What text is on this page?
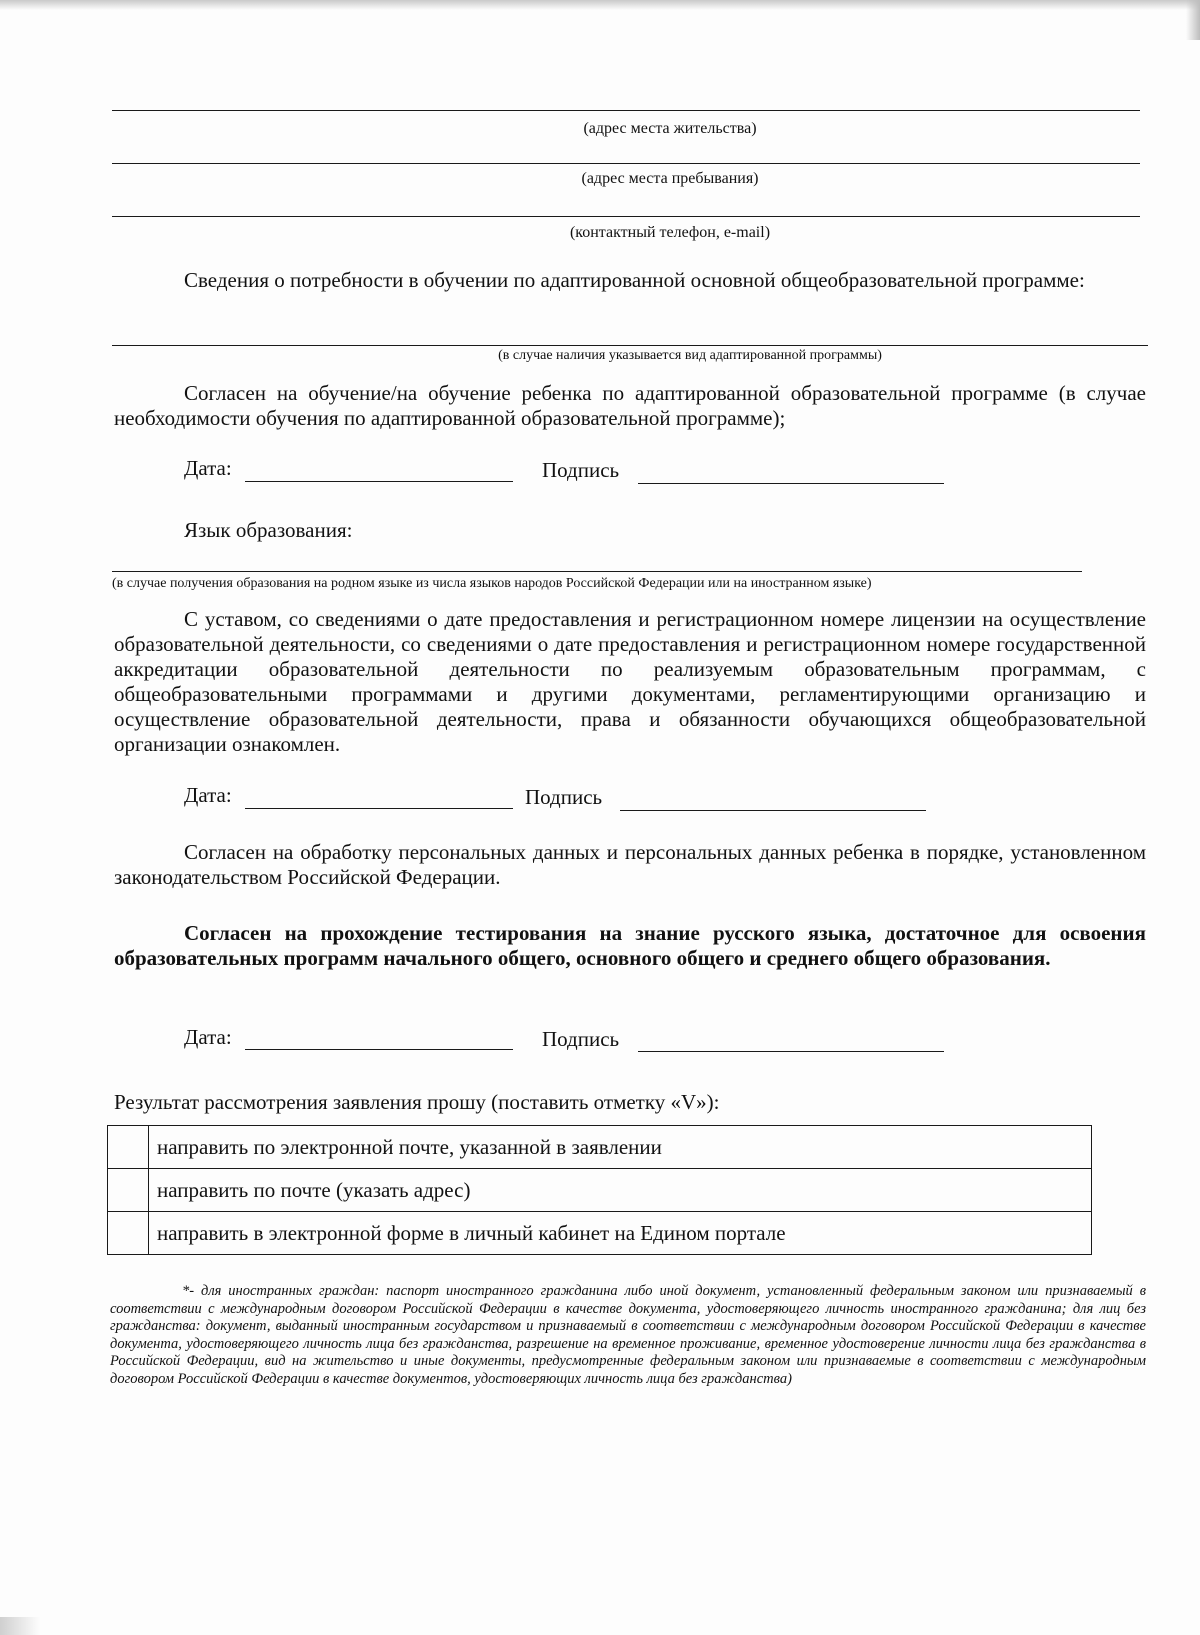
(адрес места жительства)
(адрес места пребывания)
(контактный телефон, e-mail)
Сведения о потребности в обучении по адаптированной основной общеобразовательной программе:
(в случае наличия указывается вид адаптированной программы)
Согласен на обучение/на обучение ребенка по адаптированной образовательной программе (в случае необходимости обучения по адаптированной образовательной программе);
Дата:	Подпись
Язык образования:
(в случае получения образования на родном языке из числа языков народов Российской Федерации или на иностранном языке)
С уставом, со сведениями о дате предоставления и регистрационном номере лицензии на осуществление образовательной деятельности, со сведениями о дате предоставления и регистрационном номере государственной аккредитации образовательной деятельности по реализуемым образовательным программам, с общеобразовательными программами и другими документами, регламентирующими организацию и осуществление образовательной деятельности, права и обязанности обучающихся общеобразовательной организации ознакомлен.
Дата:	Подпись
Согласен на обработку персональных данных и персональных данных ребенка в порядке, установленном законодательством Российской Федерации.
Согласен на прохождение тестирования на знание русского языка, достаточное для освоения образовательных программ начального общего, основного общего и среднего общего образования.
Дата:	Подпись
Результат рассмотрения заявления прошу (поставить отметку «V»):
	направить по электронной почте, указанной в заявлении
	направить по почте (указать адрес)
	направить в электронной форме в личный кабинет на Едином портале
*- для иностранных граждан: паспорт иностранного гражданина либо иной документ, установленный федеральным законом или признаваемый в соответствии с международным договором Российской Федерации в качестве документа, удостоверяющего личность иностранного гражданина; для лиц без гражданства: документ, выданный иностранным государством и признаваемый в соответствии с международным договором Российской Федерации в качестве документа, удостоверяющего личность лица без гражданства, разрешение на временное проживание, временное удостоверение личности лица без гражданства в Российской Федерации, вид на жительство и иные документы, предусмотренные федеральным законом или признаваемые в соответствии с международным договором Российской Федерации в качестве документов, удостоверяющих личность лица без гражданства)
